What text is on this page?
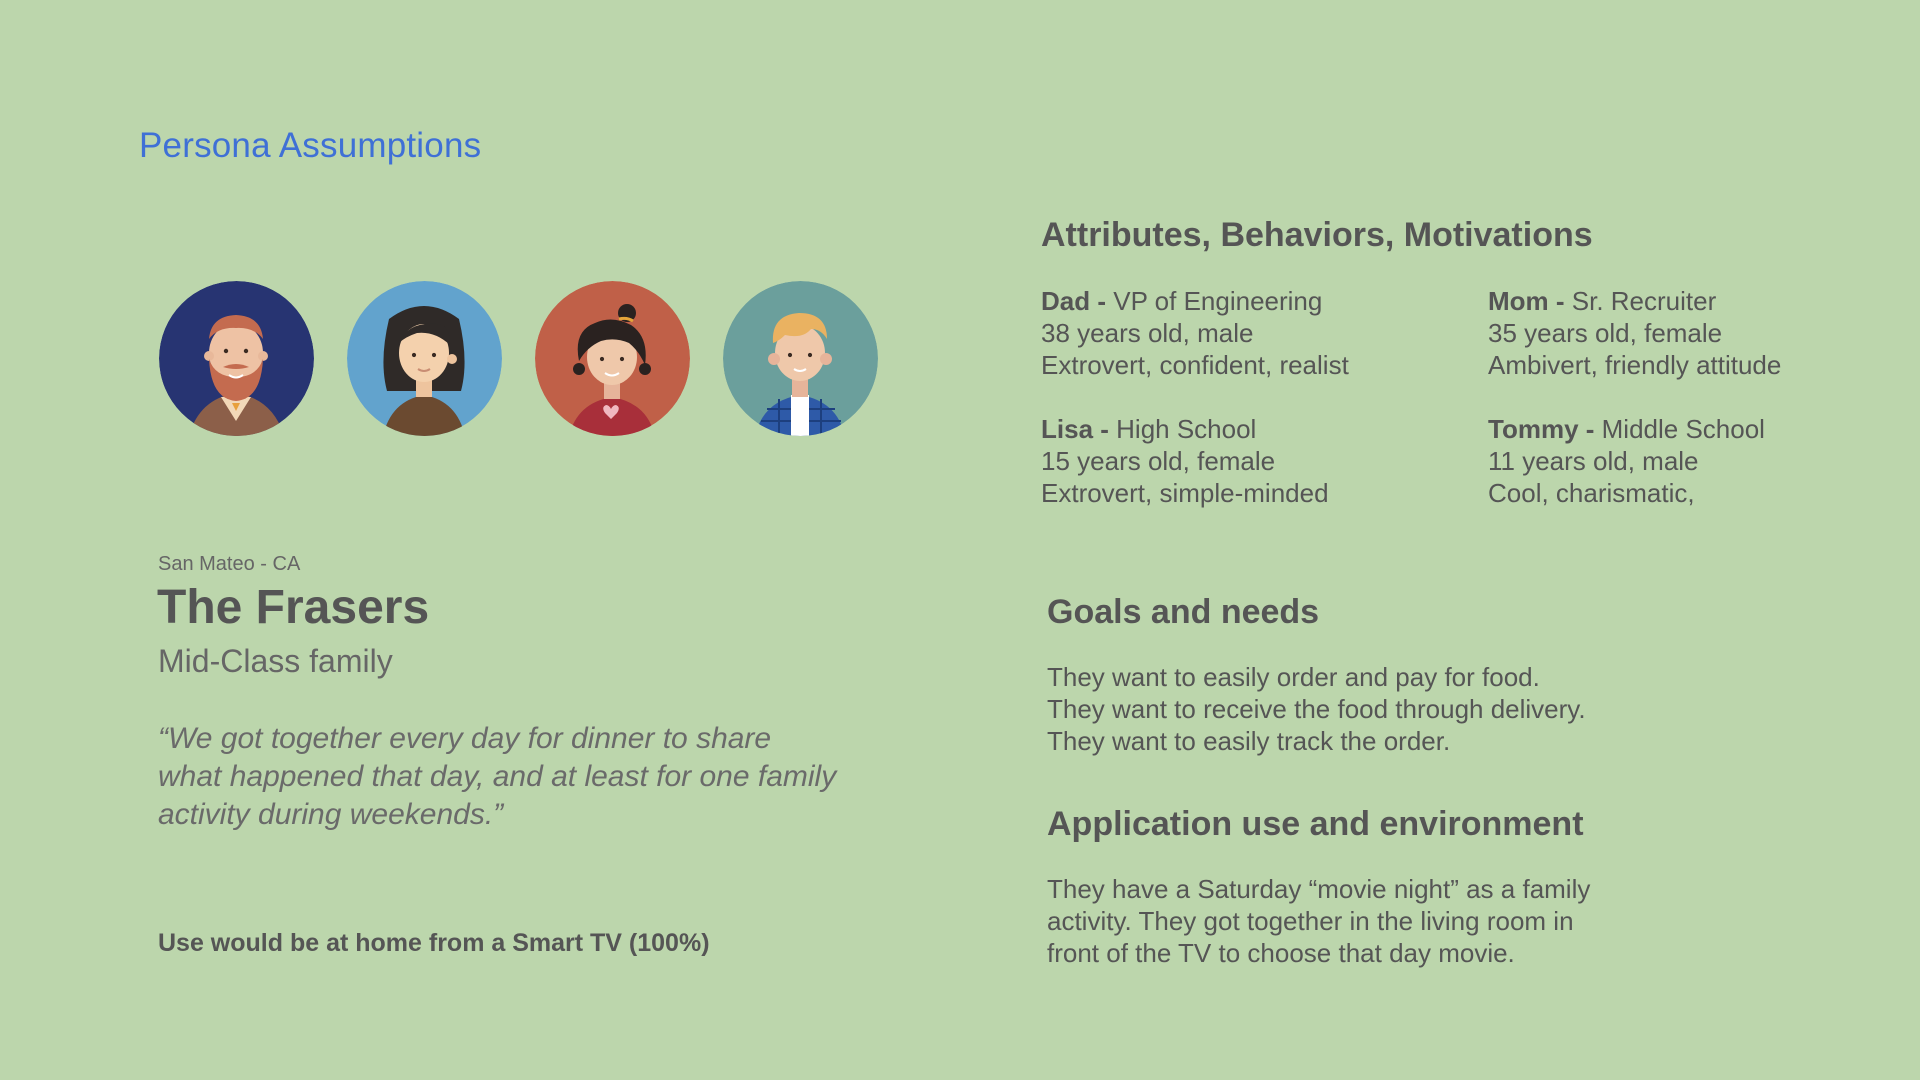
Persona Assumptions
San Mateo - CA
The Frasers
Mid-Class family
“We got together every day for dinner to share
what happened that day, and at least for one family
activity during weekends.”
Use would be at home from a Smart TV (100%)
Attributes, Behaviors, Motivations
Dad - VP of Engineering
38 years old, male
Extrovert, confident, realist
Mom - Sr. Recruiter
35 years old, female
Ambivert, friendly attitude
Lisa - High School
15 years old, female
Extrovert, simple-minded
Tommy - Middle School
11 years old, male
Cool, charismatic,
Goals and needs
They want to easily order and pay for food.
They want to receive the food through delivery.
They want to easily track the order.
Application use and environment
They have a Saturday “movie night” as a family
activity. They got together in the living room in
front of the TV to choose that day movie.
